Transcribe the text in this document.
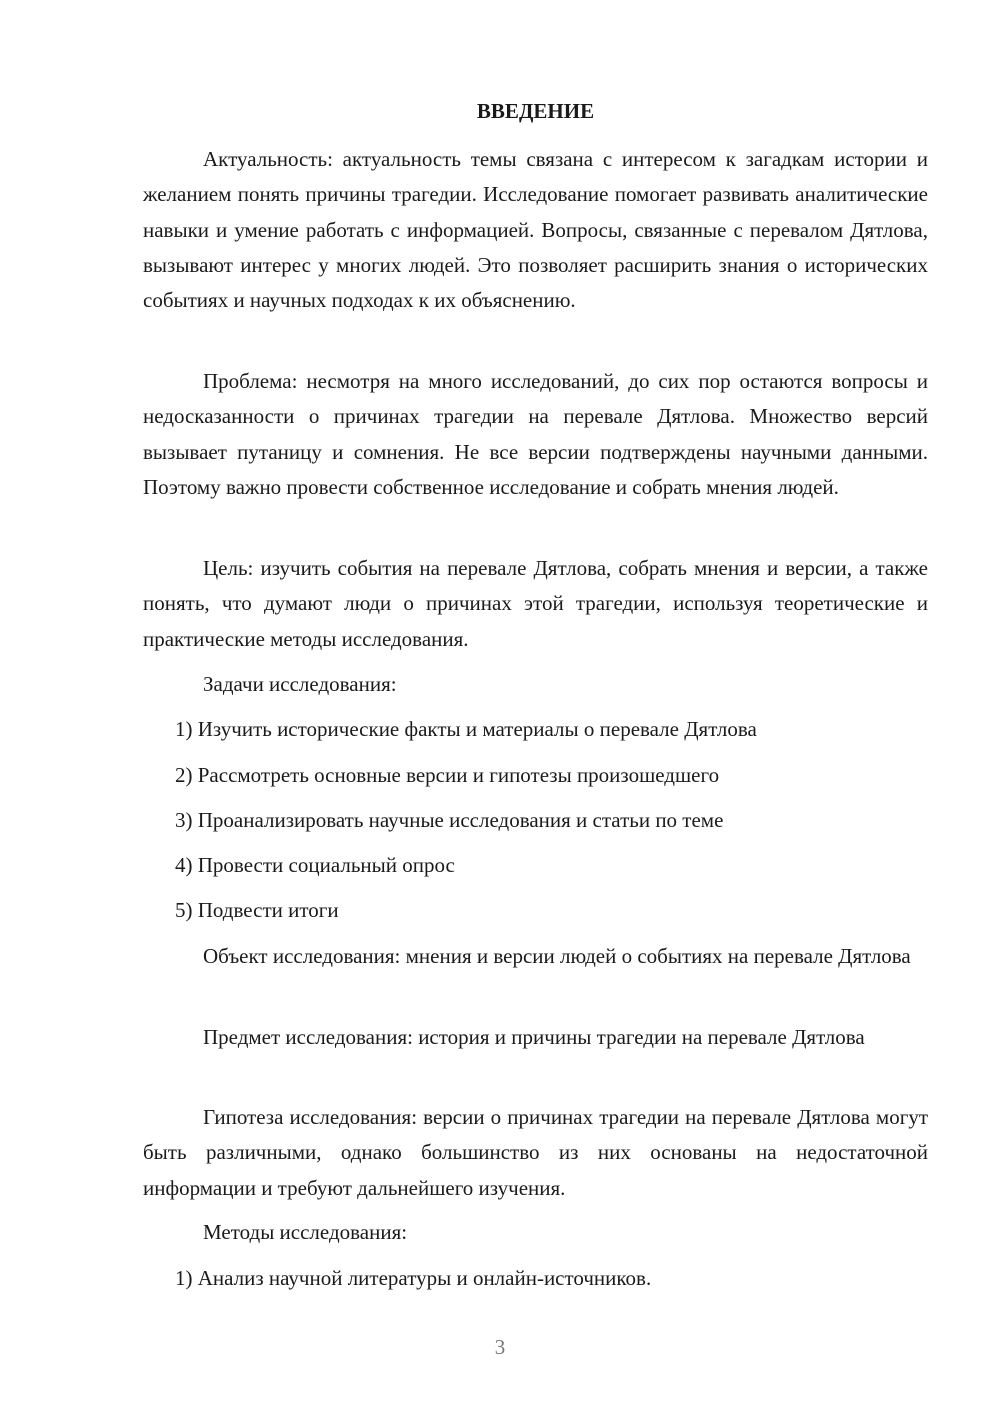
ВВЕДЕНИЕ

Актуальность: актуальность темы связана с интересом к загадкам истории и желанием понять причины трагедии. Исследование помогает развивать аналитические навыки и умение работать с информацией. Вопросы, связанные с перевалом Дятлова, вызывают интерес у многих людей. Это позволяет расширить знания о исторических событиях и научных подходах к их объяснению.

Проблема: несмотря на много исследований, до сих пор остаются вопросы и недосказанности о причинах трагедии на перевале Дятлова. Множество версий вызывает путаницу и сомнения. Не все версии подтверждены научными данными. Поэтому важно провести собственное исследование и собрать мнения людей.

Цель: изучить события на перевале Дятлова, собрать мнения и версии, а также понять, что думают люди о причинах этой трагедии, используя теоретические и практические методы исследования.

Задачи исследования:
1) Изучить исторические факты и материалы о перевале Дятлова
2) Рассмотреть основные версии и гипотезы произошедшего
3) Проанализировать научные исследования и статьи по теме
4) Провести социальный опрос
5) Подвести итоги

Объект исследования: мнения и версии людей о событиях на перевале Дятлова

Предмет исследования: история и причины трагедии на перевале Дятлова

Гипотеза исследования: версии о причинах трагедии на перевале Дятлова могут быть различными, однако большинство из них основаны на недостаточной информации и требуют дальнейшего изучения.

Методы исследования:
1) Анализ научной литературы и онлайн-источников.
3
